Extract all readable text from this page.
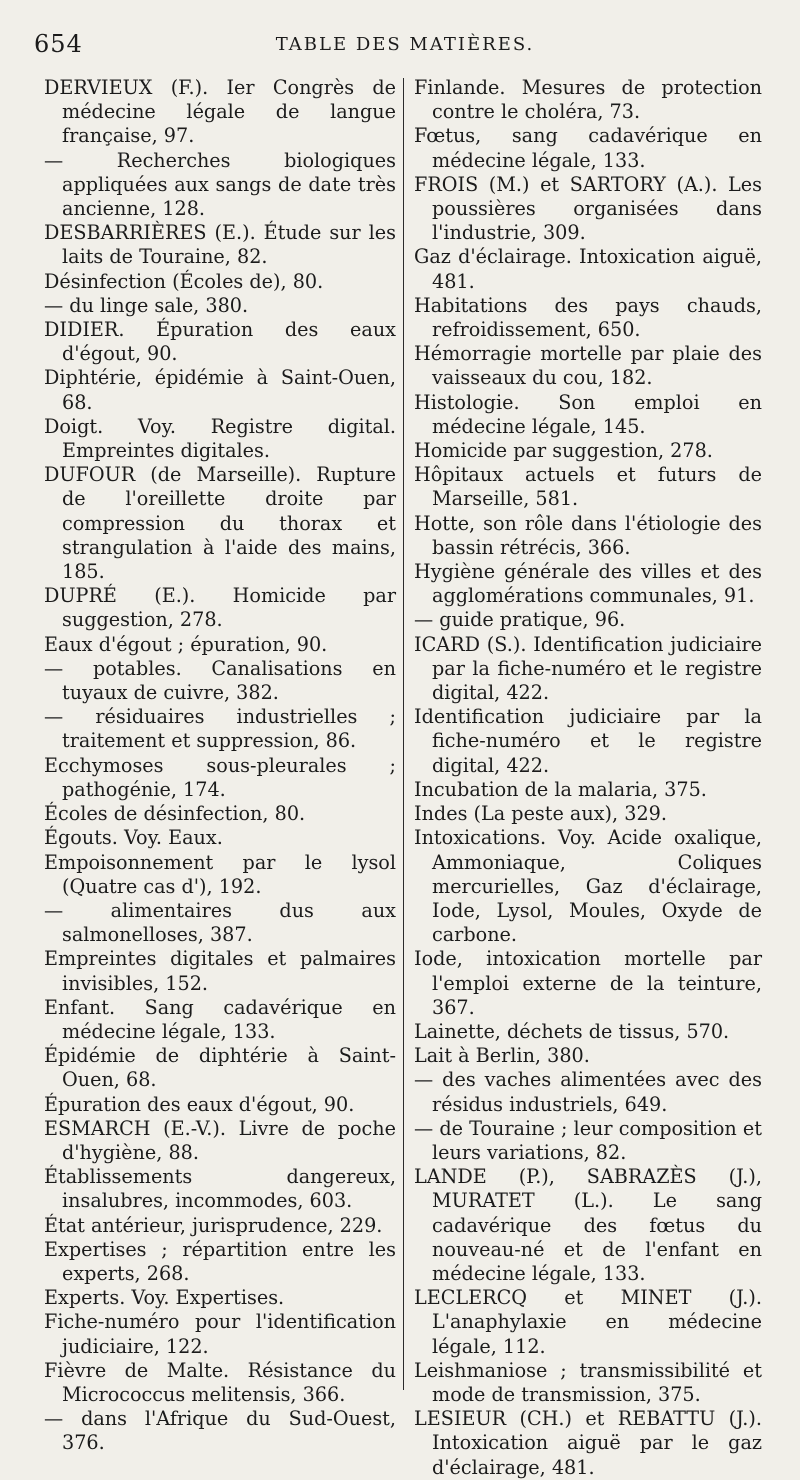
654	TABLE DES MATIÈRES.

DERVIEUX (F.). Ier Congrès de médecine légale de langue française, 97.

— Recherches biologiques appliquées aux sangs de date très ancienne, 128.

DESBARRIÈRES (E.). Étude sur les laits de Touraine, 82.

Désinfection (Écoles de), 80.

— du linge sale, 380.

DIDIER. Épuration des eaux d'égout, 90.

Diphtérie, épidémie à Saint-Ouen, 68.

Doigt. Voy. Registre digital. Empreintes digitales.

DUFOUR (de Marseille). Rupture de l'oreillette droite par compression du thorax et strangulation à l'aide des mains, 185.

DUPRÉ (E.). Homicide par suggestion, 278.

Eaux d'égout ; épuration, 90.

— potables. Canalisations en tuyaux de cuivre, 382.

— résiduaires industrielles ; traitement et suppression, 86.

Ecchymoses sous-pleurales ; pathogénie, 174.

Écoles de désinfection, 80.

Égouts. Voy. Eaux.

Empoisonnement par le lysol (Quatre cas d'), 192.

— alimentaires dus aux salmonelloses, 387.

Empreintes digitales et palmaires invisibles, 152.

Enfant. Sang cadavérique en médecine légale, 133.

Épidémie de diphtérie à Saint-Ouen, 68.

Épuration des eaux d'égout, 90.

ESMARCH (E.-V.). Livre de poche d'hygiène, 88.

Établissements dangereux, insalubres, incommodes, 603.

État antérieur, jurisprudence, 229.

Expertises ; répartition entre les experts, 268.

Experts. Voy. Expertises.

Fiche-numéro pour l'identification judiciaire, 122.

Fièvre de Malte. Résistance du Micrococcus melitensis, 366.

— dans l'Afrique du Sud-Ouest, 376.

Finlande. Mesures de protection contre le choléra, 73.

Fœtus, sang cadavérique en médecine légale, 133.

FROIS (M.) et SARTORY (A.). Les poussières organisées dans l'industrie, 309.

Gaz d'éclairage. Intoxication aiguë, 481.

Habitations des pays chauds, refroidissement, 650.

Hémorragie mortelle par plaie des vaisseaux du cou, 182.

Histologie. Son emploi en médecine légale, 145.

Homicide par suggestion, 278.

Hôpitaux actuels et futurs de Marseille, 581.

Hotte, son rôle dans l'étiologie des bassin rétrécis, 366.

Hygiène générale des villes et des agglomérations communales, 91.

— guide pratique, 96.

ICARD (S.). Identification judiciaire par la fiche-numéro et le registre digital, 422.

Identification judiciaire par la fiche-numéro et le registre digital, 422.

Incubation de la malaria, 375.

Indes (La peste aux), 329.

Intoxications. Voy. Acide oxalique, Ammoniaque, Coliques mercurielles, Gaz d'éclairage, Iode, Lysol, Moules, Oxyde de carbone.

Iode, intoxication mortelle par l'emploi externe de la teinture, 367.

Lainette, déchets de tissus, 570.

Lait à Berlin, 380.

— des vaches alimentées avec des résidus industriels, 649.

— de Touraine ; leur composition et leurs variations, 82.

LANDE (P.), SABRAZÈS (J.), MURATET (L.). Le sang cadavérique des fœtus du nouveau-né et de l'enfant en médecine légale, 133.

LECLERCQ et MINET (J.). L'anaphylaxie en médecine légale, 112.

Leishmaniose ; transmissibilité et mode de transmission, 375.

LESIEUR (CH.) et REBATTU (J.). Intoxication aiguë par le gaz d'éclairage, 481.
